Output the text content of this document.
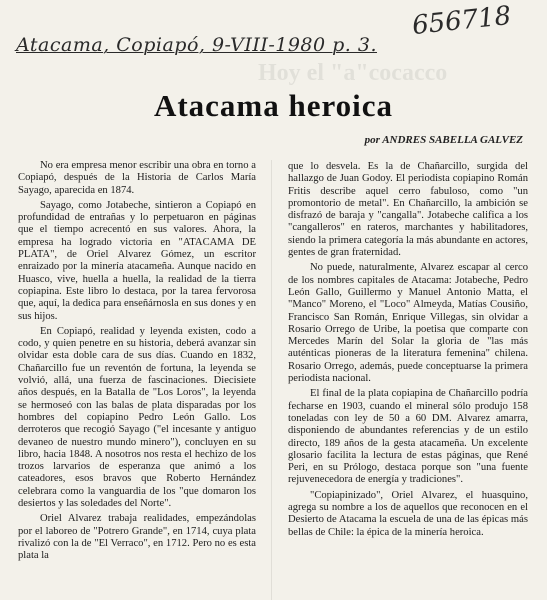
Atacama, Copiapó, 9-VIII-1980 p. 3.
656718
Hoy el "a"cocacco
Atacama heroica
por ANDRES SABELLA GALVEZ

No era empresa menor escribir una obra en torno a Copiapó, después de la Historia de Carlos María Sayago, aparecida en 1874.

Sayago, como Jotabeche, sintieron a Copiapó en profundidad de entrañas y lo perpetuaron en páginas que el tiempo acrecentó en sus valores. Ahora, la empresa ha logrado victoria en "ATACAMA DE PLATA", de Oriel Alvarez Gómez, un escritor enraizado por la minería atacameña. Aunque nacido en Huasco, vive, huella a huella, la realidad de la tierra copiapina. Este libro lo destaca, por la tarea fervorosa que, aquí, la dedica para enseñárnosla en sus dones y en sus hijos.

En Copiapó, realidad y leyenda existen, codo a codo, y quien penetre en su historia, deberá avanzar sin olvidar esta doble cara de sus días. Cuando en 1832, Chañarcillo fue un reventón de fortuna, la leyenda se volvió, allá, una fuerza de fascinaciones. Diecisiete años después, en la Batalla de "Los Loros", la leyenda se hermoseó con las balas de plata disparadas por los hombres del copiapino Pedro León Gallo. Los derroteros que recogió Sayago ("el incesante y antiguo devaneo de nuestro mundo minero"), concluyen en su libro, hacia 1848. A nosotros nos resta el hechizo de los trozos larvarios de esperanza que animó a los cateadores, esos bravos que Roberto Hernández celebrara como la vanguardia de los "que domaron los desiertos y las soledades del Norte".

Oriel Alvarez trabaja realidades, empezándolas por el laboreo de "Potrero Grande", en 1714, cuya plata rivalizó con la de "El Verraco", en 1712. Pero no es esta plata la

que lo desvela. Es la de Chañarcillo, surgida del hallazgo de Juan Godoy. El periodista copiapino Román Fritis describe aquel cerro fabuloso, como "un promontorio de metal". En Chañarcillo, la ambición se disfrazó de baraja y "cangalla". Jotabeche califica a los "cangalleros" en rateros, marchantes y habilitadores, siendo la primera categoría la más abundante en actores, gentes de gran fraternidad.

No puede, naturalmente, Alvarez escapar al cerco de los nombres capitales de Atacama: Jotabeche, Pedro León Gallo, Guillermo y Manuel Antonio Matta, el "Manco" Moreno, el "Loco" Almeyda, Matías Cousiño, Francisco San Román, Enrique Villegas, sin olvidar a Rosario Orrego de Uribe, la poetisa que comparte con Mercedes Marín del Solar la gloria de "las más auténticas pioneras de la literatura femenina" chilena. Rosario Orrego, además, puede conceptuarse la primera periodista nacional.

El final de la plata copiapina de Chañarcillo podría fecharse en 1903, cuando el mineral sólo produjo 158 toneladas con ley de 50 a 60 DM. Alvarez amarra, disponiendo de abundantes referencias y de un estilo directo, 189 años de la gesta atacameña. Un excelente glosario facilita la lectura de estas páginas, que René Peri, en su Prólogo, destaca porque son "una fuente rejuvenecedora de energía y tradiciones".

"Copiapinizado", Oriel Alvarez, el huasquino, agrega su nombre a los de aquellos que reconocen en el Desierto de Atacama la escuela de una de las épicas más bellas de Chile: la épica de la minería heroica.
